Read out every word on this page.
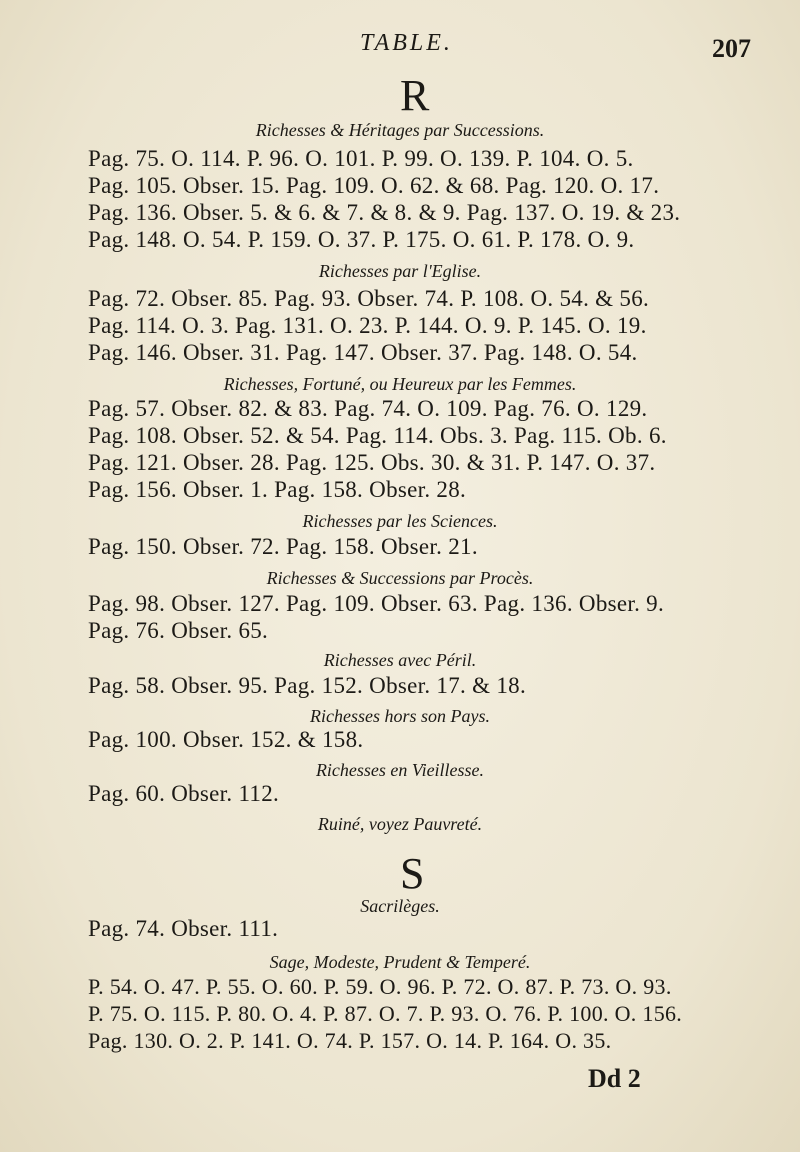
TABLE.	207
R
Richesses & Héritages par Successions.
Pag. 75. O. 114. P. 96. O. 101. P. 99. O. 139. P. 104. O. 5.
Pag. 105. Obser. 15. Pag. 109. O. 62. & 68. Pag. 120. O. 17.
Pag. 136. Obser. 5. & 6. & 7. & 8. & 9. Pag. 137. O. 19. & 23.
Pag. 148. O. 54. P. 159. O. 37. P. 175. O. 61. P. 178. O. 9.
Richesses par l'Eglise.
Pag. 72. Obser. 85. Pag. 93. Obser. 74. P. 108. O. 54. & 56.
Pag. 114. O. 3. Pag. 131. O. 23. P. 144. O. 9. P. 145. O. 19.
Pag. 146. Obser. 31. Pag. 147. Obser. 37. Pag. 148. O. 54.
Richesses, Fortuné, ou Heureux par les Femmes.
Pag. 57. Obser. 82. & 83. Pag. 74. O. 109. Pag. 76. O. 129.
Pag. 108. Obser. 52. & 54. Pag. 114. Obs. 3. Pag. 115. Ob. 6.
Pag. 121. Obser. 28. Pag. 125. Obs. 30. & 31. P. 147. O. 37.
Pag. 156. Obser. 1. Pag. 158. Obser. 28.
Richesses par les Sciences.
Pag. 150. Obser. 72. Pag. 158. Obser. 21.
Richesses & Successions par Procès.
Pag. 98. Obser. 127. Pag. 109. Obser. 63. Pag. 136. Obser. 9.
Pag. 76. Obser. 65.
Richesses avec Péril.
Pag. 58. Obser. 95. Pag. 152. Obser. 17. & 18.
Richesses hors son Pays.
Pag. 100. Obser. 152. & 158.
Richesses en Vieillesse.
Pag. 60. Obser. 112.
Ruiné, voyez Pauvreté.
S
Sacrilèges.
Pag. 74. Obser. 111.
Sage, Modeste, Prudent & Temperé.
P. 54. O. 47. P. 55. O. 60. P. 59. O. 96. P. 72. O. 87. P. 73. O. 93.
P. 75. O. 115. P. 80. O. 4. P. 87. O. 7. P. 93. O. 76. P. 100. O. 156.
Pag. 130. O. 2. P. 141. O. 74. P. 157. O. 14. P. 164. O. 35.
Dd 2
